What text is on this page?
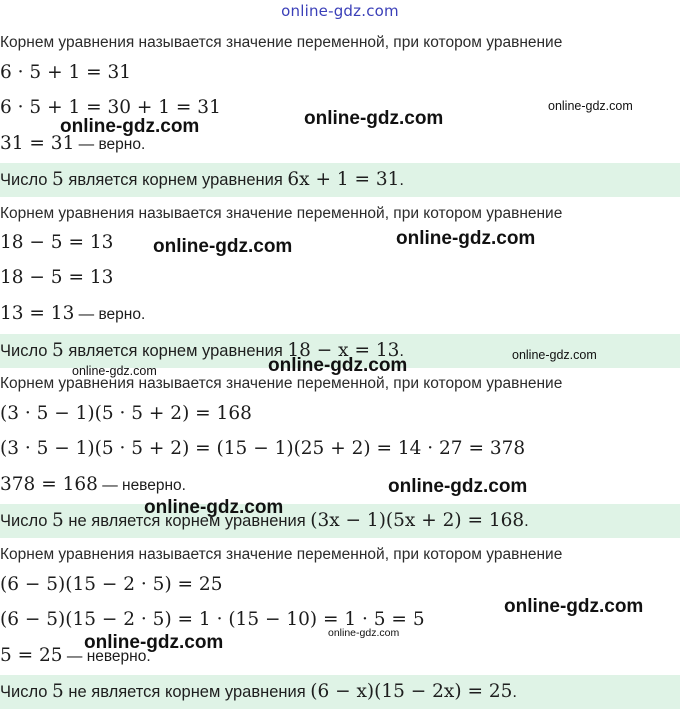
online-gdz.com
Корнем уравнения называется значение переменной, при котором уравнение
6 · 5 + 1 = 31
6 · 5 + 1 = 30 + 1 = 31
31 = 31 — верно.
Число 5 является корнем уравнения 6x + 1 = 31.
Корнем уравнения называется значение переменной, при котором уравнение
18 − 5 = 13
18 − 5 = 13
13 = 13 — верно.
Число 5 является корнем уравнения 18 − x = 13.
Корнем уравнения называется значение переменной, при котором уравнение
(3 · 5 − 1)(5 · 5 + 2) = 168
(3 · 5 − 1)(5 · 5 + 2) = (15 − 1)(25 + 2) = 14 · 27 = 378
378 = 168 — неверно.
Число 5 не является корнем уравнения (3x − 1)(5x + 2) = 168.
Корнем уравнения называется значение переменной, при котором уравнение
(6 − 5)(15 − 2 · 5) = 25
(6 − 5)(15 − 2 · 5) = 1 · (15 − 10) = 1 · 5 = 5
5 = 25 — неверно.
Число 5 не является корнем уравнения (6 − x)(15 − 2x) = 25.
online-gdz.com	online-gdz.com
online-gdz.com
online-gdz.com	online-gdz.com
online-gdz.com
online-gdz.com	online-gdz.com
online-gdz.com
online-gdz.com
online-gdz.com
online-gdz.com
online-gdz.com
